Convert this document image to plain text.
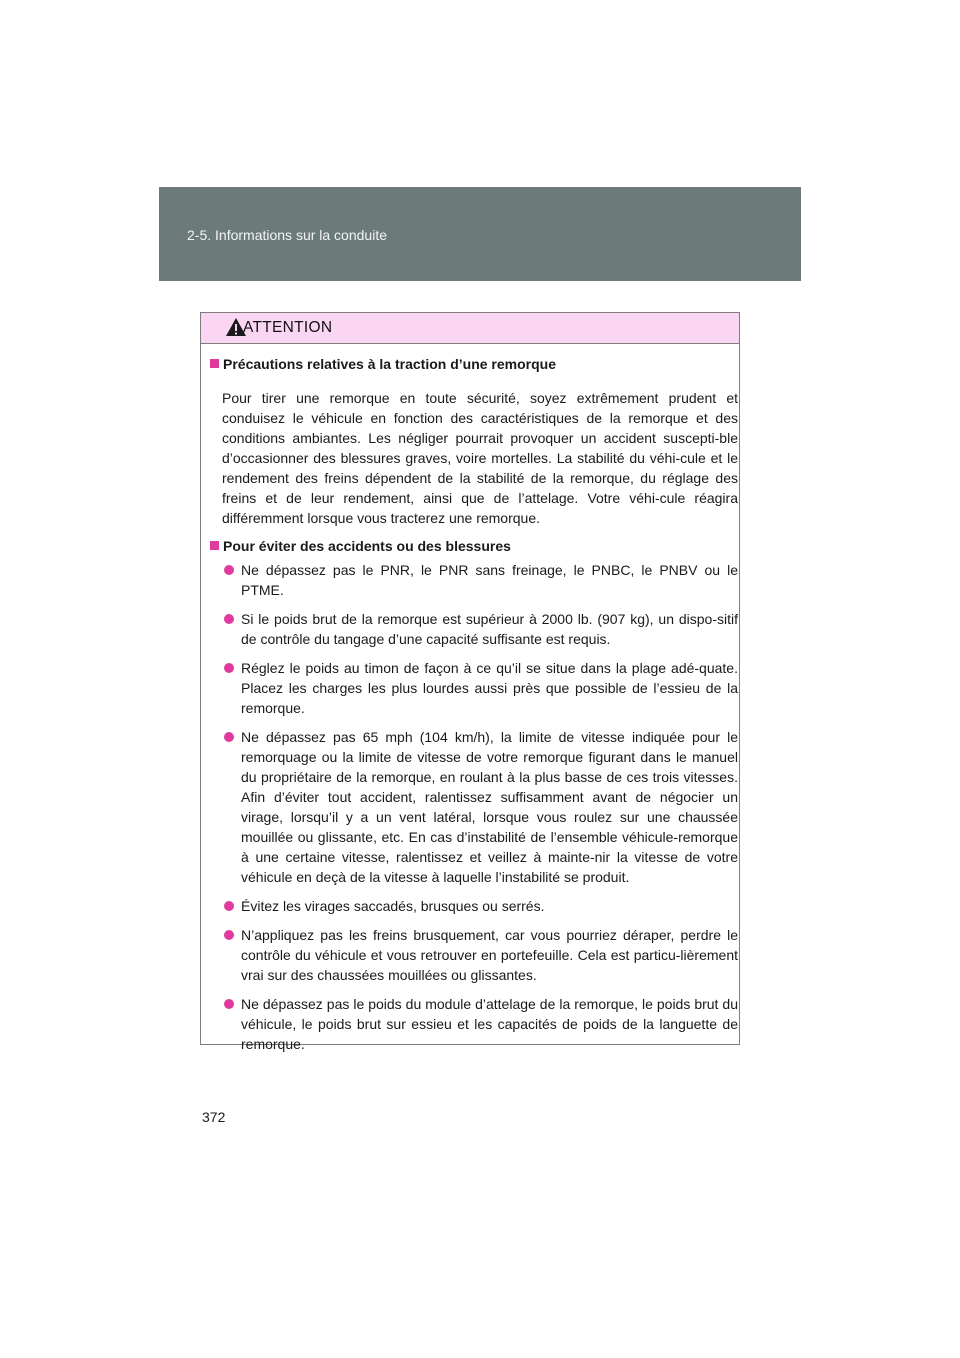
2-5. Informations sur la conduite
ATTENTION
Précautions relatives à la traction d’une remorque

Pour tirer une remorque en toute sécurité, soyez extrêmement prudent et conduisez le véhicule en fonction des caractéristiques de la remorque et des conditions ambiantes. Les négliger pourrait provoquer un accident suscepti-ble d’occasionner des blessures graves, voire mortelles. La stabilité du véhi-cule et le rendement des freins dépendent de la stabilité de la remorque, du réglage des freins et de leur rendement, ainsi que de l’attelage. Votre véhi-cule réagira différemment lorsque vous tracterez une remorque.

Pour éviter des accidents ou des blessures
Ne dépassez pas le PNR, le PNR sans freinage, le PNBC, le PNBV ou le PTME.
Si le poids brut de la remorque est supérieur à 2000 lb. (907 kg), un dispo-sitif de contrôle du tangage d’une capacité suffisante est requis.
Réglez le poids au timon de façon à ce qu’il se situe dans la plage adé-quate. Placez les charges les plus lourdes aussi près que possible de l’essieu de la remorque.
Ne dépassez pas 65 mph (104 km/h), la limite de vitesse indiquée pour le remorquage ou la limite de vitesse de votre remorque figurant dans le manuel du propriétaire de la remorque, en roulant à la plus basse de ces trois vitesses. Afin d’éviter tout accident, ralentissez suffisamment avant de négocier un virage, lorsqu’il y a un vent latéral, lorsque vous roulez sur une chaussée mouillée ou glissante, etc. En cas d’instabilité de l’ensemble véhicule-remorque à une certaine vitesse, ralentissez et veillez à mainte-nir la vitesse de votre véhicule en deçà de la vitesse à laquelle l’instabilité se produit.
Évitez les virages saccadés, brusques ou serrés.
N’appliquez pas les freins brusquement, car vous pourriez déraper, perdre le contrôle du véhicule et vous retrouver en portefeuille. Cela est particu-lièrement vrai sur des chaussées mouillées ou glissantes.
Ne dépassez pas le poids du module d’attelage de la remorque, le poids brut du véhicule, le poids brut sur essieu et les capacités de poids de la languette de remorque.
372
